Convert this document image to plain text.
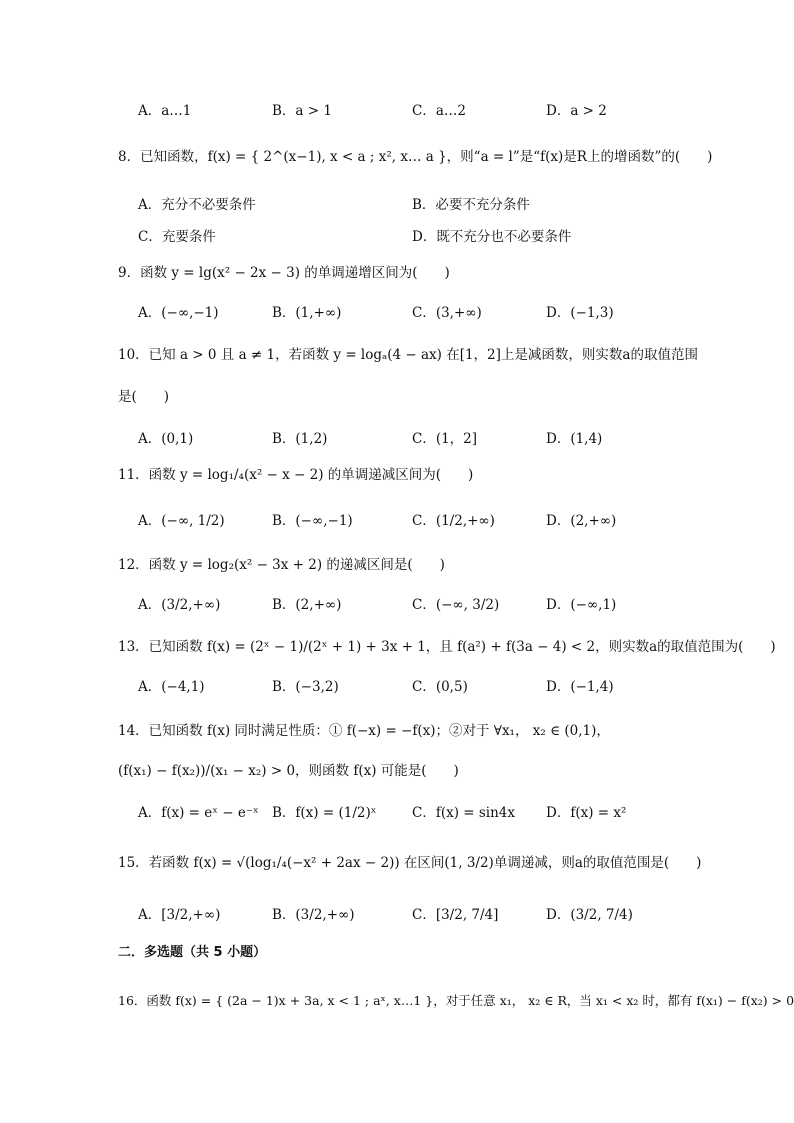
A．a…1	B．a > 1	C．a…2	D．a > 2
8．已知函数，f(x) = { 2^(x−1), x < a ; x², x… a }，则“a = l”是“f(x)是R上的增函数”的(　　)
A．充分不必要条件	B．必要不充分条件
C．充要条件	D．既不充分也不必要条件
9．函数 y = lg(x² − 2x − 3) 的单调递增区间为(　　)
A．(−∞,−1)	B．(1,+∞)	C．(3,+∞)	D．(−1,3)
10．已知 a > 0 且 a ≠ 1，若函数 y = logₐ(4 − ax) 在[1，2]上是减函数，则实数a的取值范围
是(　　)
A．(0,1)	B．(1,2)	C．(1，2]	D．(1,4)
11．函数 y = log₁/₄(x² − x − 2) 的单调递减区间为(　　)
A．(−∞, 1/2)	B．(−∞,−1)	C．(1/2,+∞)	D．(2,+∞)
12．函数 y = log₂(x² − 3x + 2) 的递减区间是(　　)
A．(3/2,+∞)	B．(2,+∞)	C．(−∞, 3/2)	D．(−∞,1)
13．已知函数 f(x) = (2ˣ − 1)/(2ˣ + 1) + 3x + 1，且 f(a²) + f(3a − 4) < 2，则实数a的取值范围为(　　)
A．(−4,1)	B．(−3,2)	C．(0,5)	D．(−1,4)
14．已知函数 f(x) 同时满足性质：① f(−x) = −f(x)；②对于 ∀x₁， x₂ ∈ (0,1)，
(f(x₁) − f(x₂))/(x₁ − x₂) > 0，则函数 f(x) 可能是(　　)
A．f(x) = eˣ − e⁻ˣ B．f(x) = (1/2)ˣ	C．f(x) = sin4x D．f(x) = x²
15．若函数 f(x) = √(log₁/₄(−x² + 2ax − 2)) 在区间(1, 3/2)单调递减，则a的取值范围是(　　)
A．[3/2,+∞)	B．(3/2,+∞)	C．[3/2, 7/4]	D．(3/2, 7/4)
二．多选题（共 5 小题）
16．函数 f(x) = { (2a − 1)x + 3a, x < 1 ; aˣ, x…1 }，对于任意 x₁， x₂ ∈ R，当 x₁ < x₂ 时，都有 f(x₁) − f(x₂) > 0
